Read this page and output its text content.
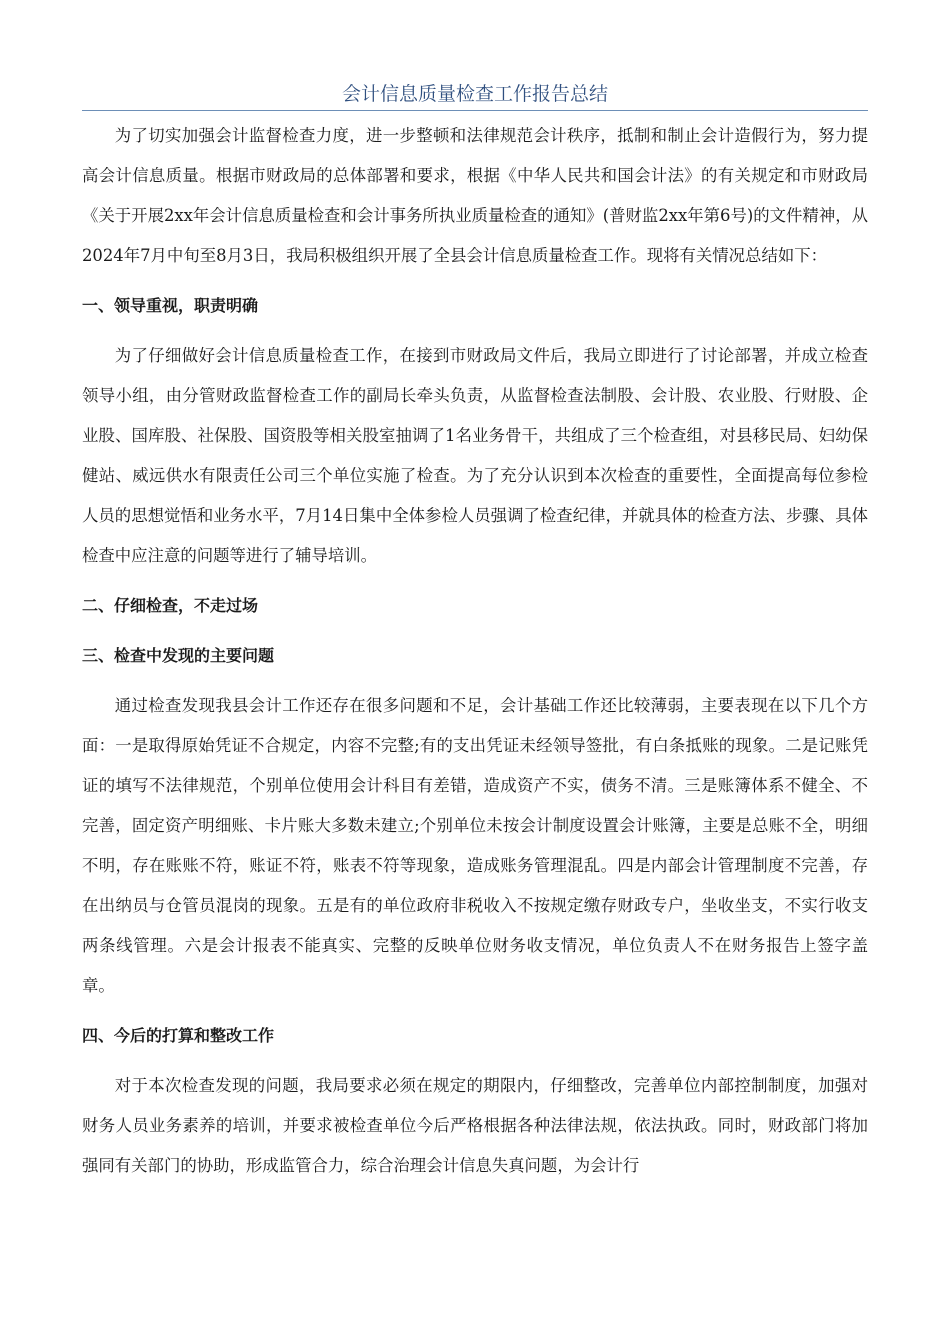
会计信息质量检查工作报告总结

为了切实加强会计监督检查力度，进一步整顿和法律规范会计秩序，抵制和制止会计造假行为，努力提高会计信息质量。根据市财政局的总体部署和要求，根据《中华人民共和国会计法》的有关规定和市财政局《关于开展2xx年会计信息质量检查和会计事务所执业质量检查的通知》(普财监2xx年第6号)的文件精神，从2024年7月中旬至8月3日，我局积极组织开展了全县会计信息质量检查工作。现将有关情况总结如下：

一、领导重视，职责明确

为了仔细做好会计信息质量检查工作，在接到市财政局文件后，我局立即进行了讨论部署，并成立检查领导小组，由分管财政监督检查工作的副局长牵头负责，从监督检查法制股、会计股、农业股、行财股、企业股、国库股、社保股、国资股等相关股室抽调了1名业务骨干，共组成了三个检查组，对县移民局、妇幼保健站、威远供水有限责任公司三个单位实施了检查。为了充分认识到本次检查的重要性，全面提高每位参检人员的思想觉悟和业务水平，7月14日集中全体参检人员强调了检查纪律，并就具体的检查方法、步骤、具体检查中应注意的问题等进行了辅导培训。

二、仔细检查，不走过场

三、检查中发现的主要问题

通过检查发现我县会计工作还存在很多问题和不足，会计基础工作还比较薄弱，主要表现在以下几个方面：一是取得原始凭证不合规定，内容不完整;有的支出凭证未经领导签批，有白条抵账的现象。二是记账凭证的填写不法律规范，个别单位使用会计科目有差错，造成资产不实，债务不清。三是账簿体系不健全、不完善，固定资产明细账、卡片账大多数未建立;个别单位未按会计制度设置会计账簿，主要是总账不全，明细不明，存在账账不符，账证不符，账表不符等现象，造成账务管理混乱。四是内部会计管理制度不完善，存在出纳员与仓管员混岗的现象。五是有的单位政府非税收入不按规定缴存财政专户，坐收坐支，不实行收支两条线管理。六是会计报表不能真实、完整的反映单位财务收支情况，单位负责人不在财务报告上签字盖章。

四、今后的打算和整改工作

对于本次检查发现的问题，我局要求必须在规定的期限内，仔细整改，完善单位内部控制制度，加强对财务人员业务素养的培训，并要求被检查单位今后严格根据各种法律法规，依法执政。同时，财政部门将加强同有关部门的协助，形成监管合力，综合治理会计信息失真问题，为会计行
